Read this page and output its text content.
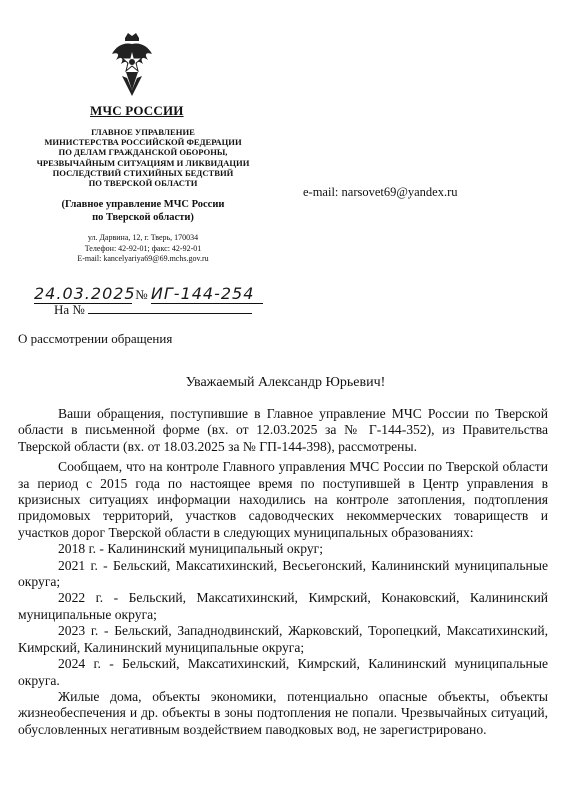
МЧС РОССИИ
ГЛАВНОЕ УПРАВЛЕНИЕ
МИНИСТЕРСТВА РОССИЙСКОЙ ФЕДЕРАЦИИ
ПО ДЕЛАМ ГРАЖДАНСКОЙ ОБОРОНЫ,
ЧРЕЗВЫЧАЙНЫМ СИТУАЦИЯМ И ЛИКВИДАЦИИ
ПОСЛЕДСТВИЙ СТИХИЙНЫХ БЕДСТВИЙ
ПО ТВЕРСКОЙ ОБЛАСТИ
(Главное управление МЧС России
по Тверской области)
ул. Дарвина, 12, г. Тверь, 170034
Телефон: 42-92-01; факс: 42-92-01
E-mail: kancelyariya69@69.mchs.gov.ru
e-mail: narsovet69@yandex.ru
24.03.2025 № ИГ-144-254
На №
О рассмотрении обращения
Уважаемый Александр Юрьевич!

Ваши обращения, поступившие в Главное управление МЧС России по Тверской области в письменной форме (вх. от 12.03.2025 за № Г-144-352), из Правительства Тверской области (вх. от 18.03.2025 за № ГП-144-398), рассмотрены.

Сообщаем, что на контроле Главного управления МЧС России по Тверской области за период с 2015 года по настоящее время по поступившей в Центр управления в кризисных ситуациях информации находились на контроле затопления, подтопления придомовых территорий, участков садоводческих некоммерческих товариществ и участков дорог Тверской области в следующих муниципальных образованиях:

2018 г. - Калининский муниципальный округ;

2021 г. - Бельский, Максатихинский, Весьегонский, Калининский муниципальные округа;

2022 г. - Бельский, Максатихинский, Кимрский, Конаковский, Калининский муниципальные округа;

2023 г. - Бельский, Западнодвинский, Жарковский, Торопецкий, Максатихинский, Кимрский, Калининский муниципальные округа;

2024 г. - Бельский, Максатихинский, Кимрский, Калининский муниципальные округа.

Жилые дома, объекты экономики, потенциально опасные объекты, объекты жизнеобеспечения и др. объекты в зоны подтопления не попали. Чрезвычайных ситуаций, обусловленных негативным воздействием паводковых вод, не зарегистрировано.
